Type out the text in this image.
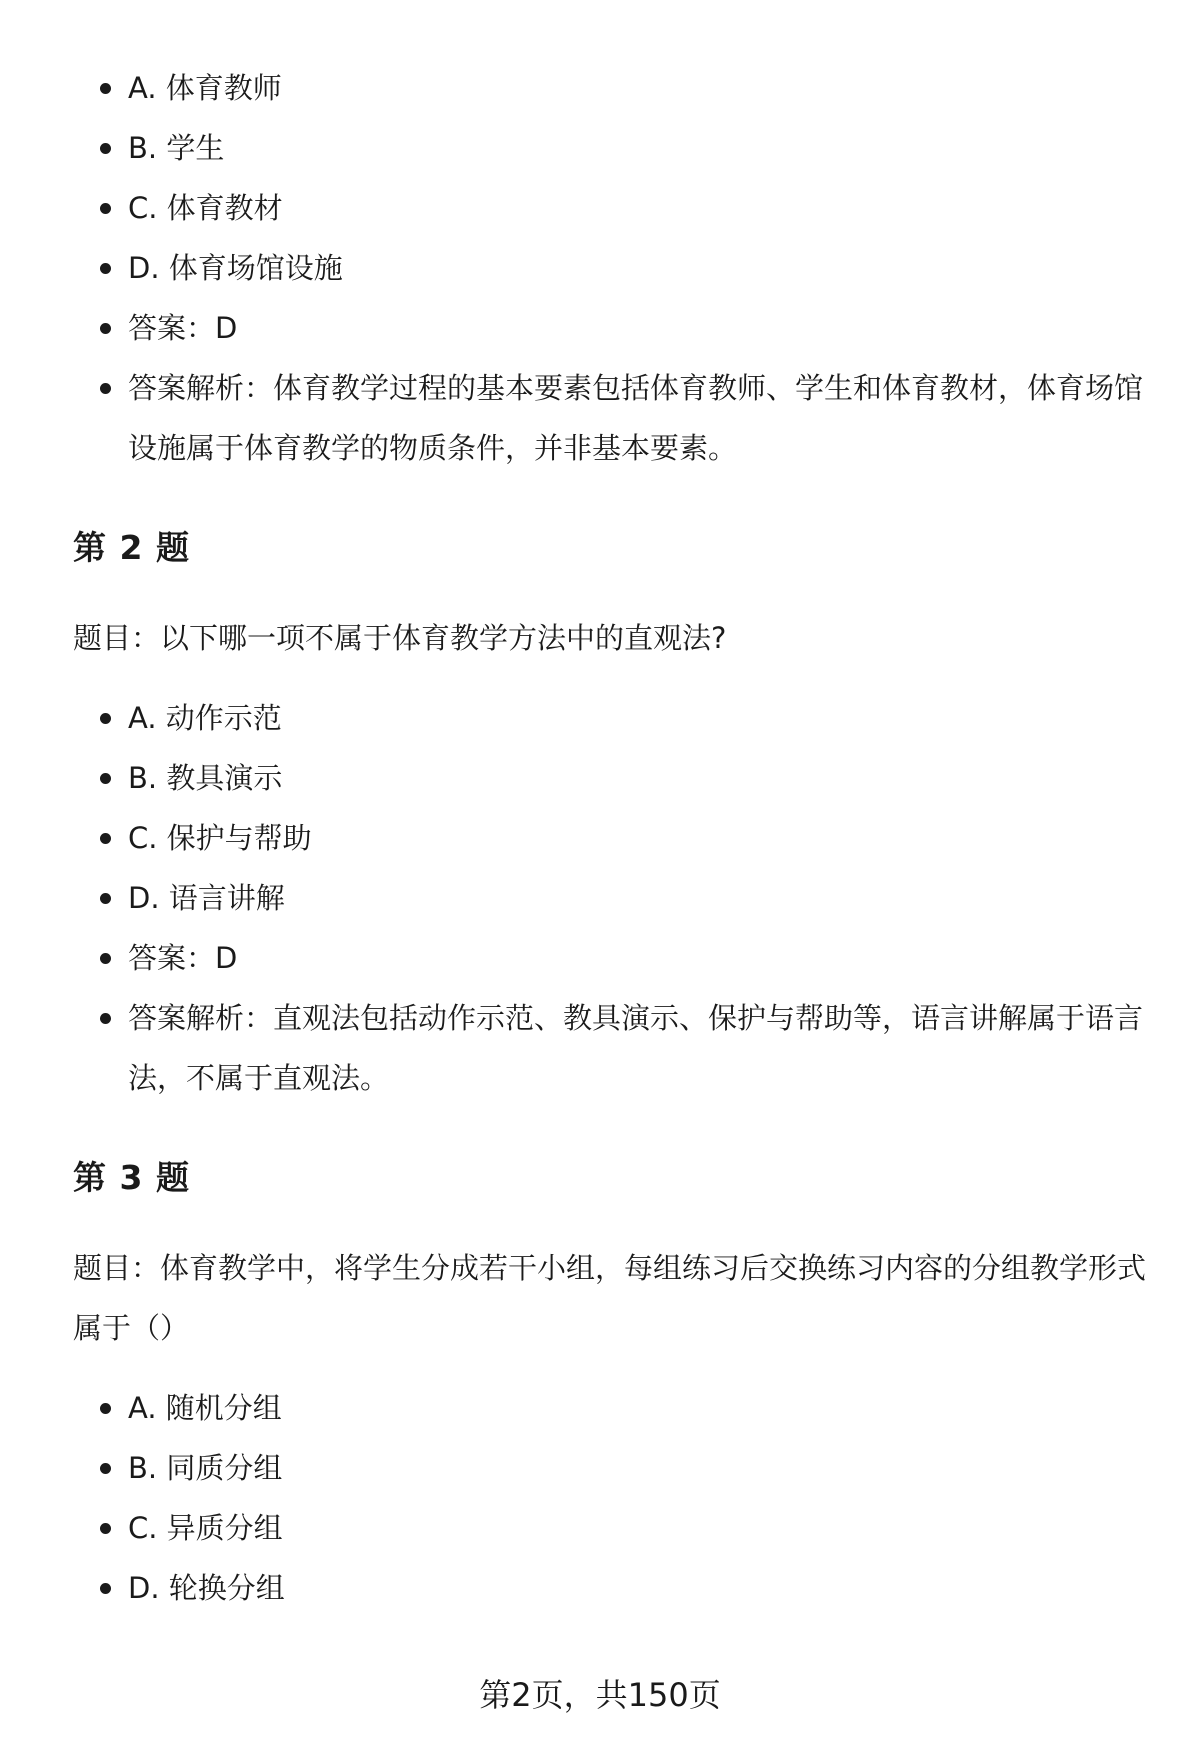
A. 体育教师
B. 学生
C. 体育教材
D. 体育场馆设施
答案：D
答案解析：体育教学过程的基本要素包括体育教师、学生和体育教材，体育场馆设施属于体育教学的物质条件，并非基本要素。
第 2 题

题目：以下哪一项不属于体育教学方法中的直观法?

A. 动作示范
B. 教具演示
C. 保护与帮助
D. 语言讲解
答案：D
答案解析：直观法包括动作示范、教具演示、保护与帮助等，语言讲解属于语言法，不属于直观法。
第 3 题

题目：体育教学中，将学生分成若干小组，每组练习后交换练习内容的分组教学形式属于（）

A. 随机分组
B. 同质分组
C. 异质分组
D. 轮换分组
第2页，共150页
